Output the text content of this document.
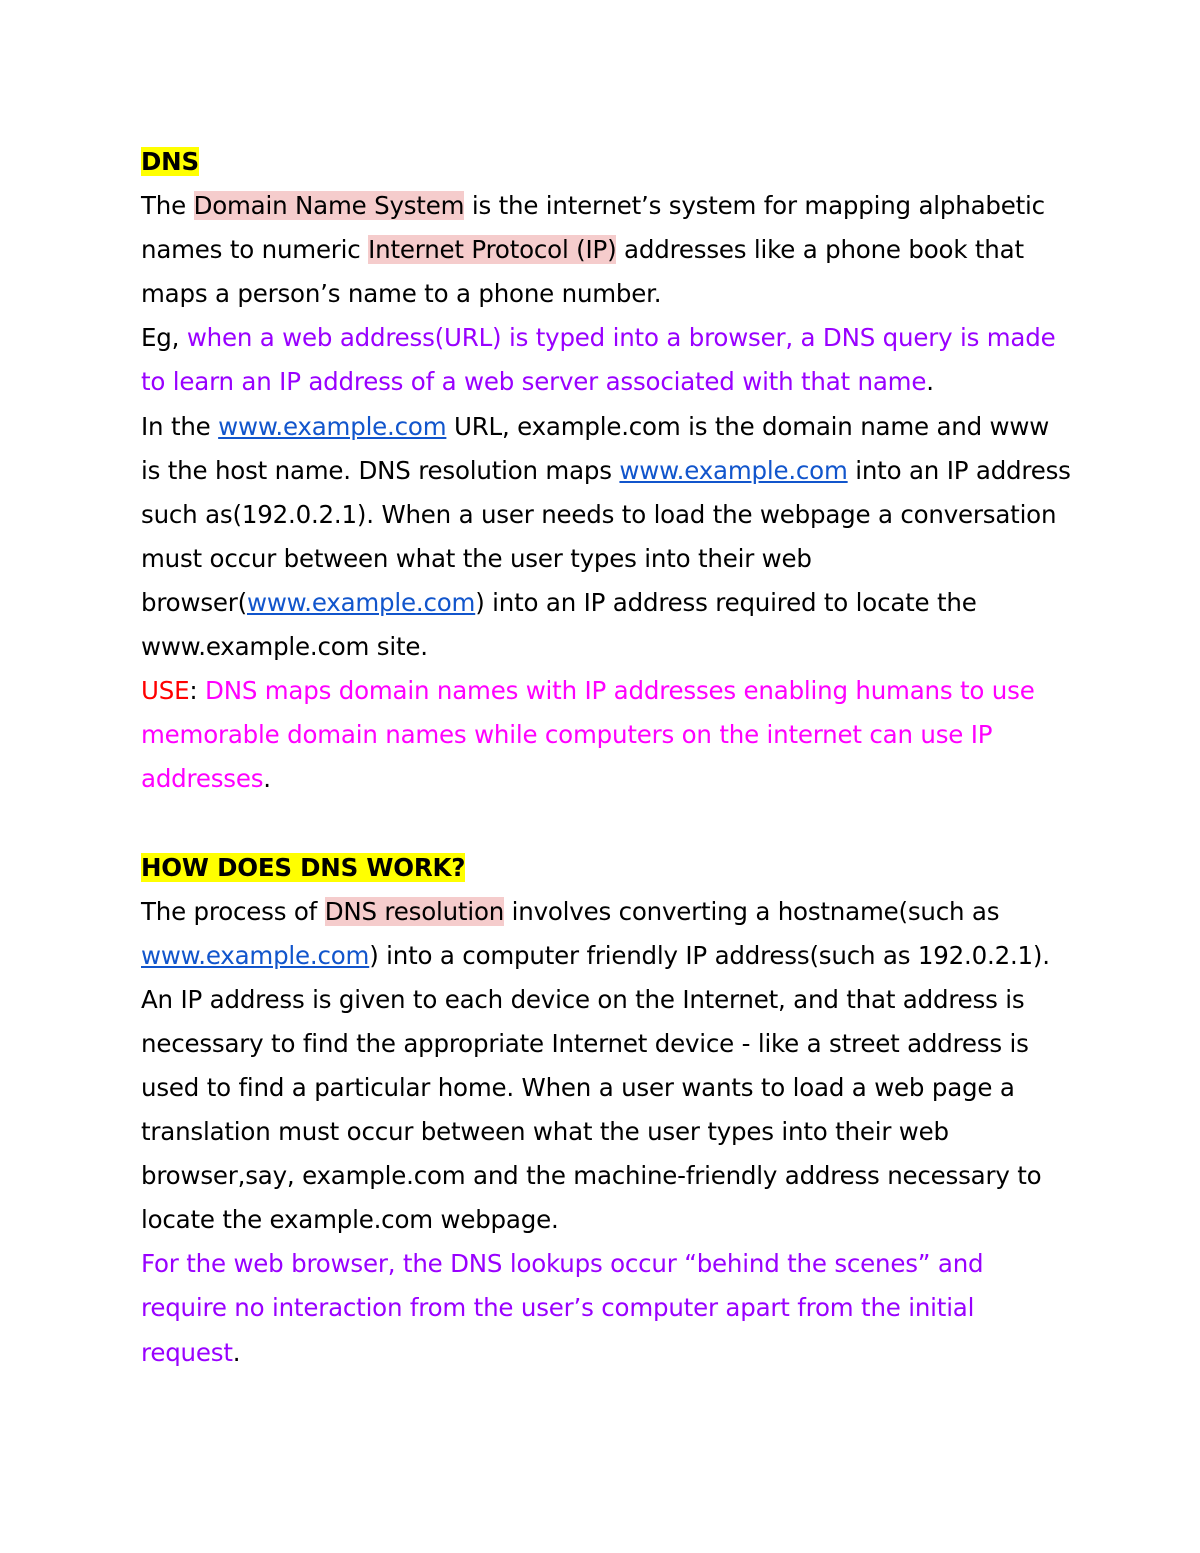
DNS

The Domain Name System is the internet’s system for mapping alphabetic names to numeric Internet Protocol (IP) addresses like a phone book that maps a person’s name to a phone number.

Eg, when a web address(URL) is typed into a browser, a DNS query is made to learn an IP address of a web server associated with that name.

In the www.example.com URL, example.com is the domain name and www is the host name. DNS resolution maps www.example.com into an IP address such as(192.0.2.1). When a user needs to load the webpage a conversation must occur between what the user types into their web browser(www.example.com) into an IP address required to locate the www.example.com site.

USE: DNS maps domain names with IP addresses enabling humans to use memorable domain names while computers on the internet can use IP addresses.

HOW DOES DNS WORK?

The process of DNS resolution involves converting a hostname(such as www.example.com) into a computer friendly IP address(such as 192.0.2.1). An IP address is given to each device on the Internet, and that address is necessary to find the appropriate Internet device - like a street address is used to find a particular home. When a user wants to load a web page a translation must occur between what the user types into their web browser,say, example.com and the machine-friendly address necessary to locate the example.com webpage.

For the web browser, the DNS lookups occur “behind the scenes” and require no interaction from the user’s computer apart from the initial request.
